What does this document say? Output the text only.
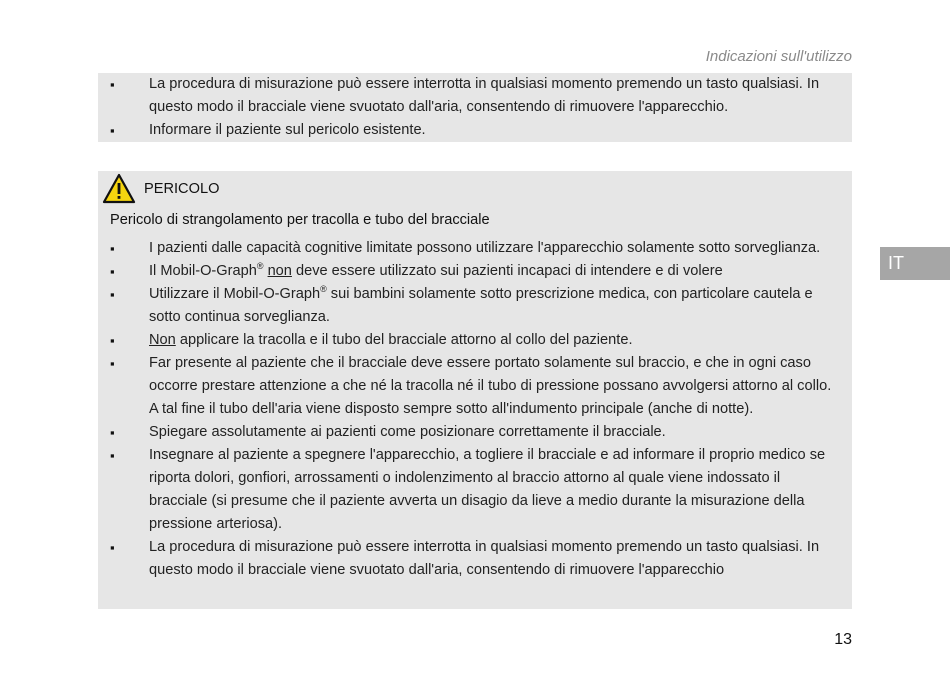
Indicazioni sull'utilizzo
▪ La procedura di misurazione può essere interrotta in qualsiasi momento premendo un tasto qualsiasi. In questo modo il bracciale viene svuotato dall'aria, consentendo di rimuovere l'apparecchio.
▪ Informare il paziente sul pericolo esistente.
PERICOLO
Pericolo di strangolamento per tracolla e tubo del bracciale
▪ I pazienti dalle capacità cognitive limitate possono utilizzare l'apparecchio solamente sotto sorveglianza.
▪ Il Mobil-O-Graph® non deve essere utilizzato sui pazienti incapaci di intendere e di volere
▪ Utilizzare il Mobil-O-Graph® sui bambini solamente sotto prescrizione medica, con particolare cautela e sotto continua sorveglianza.
▪ Non applicare la tracolla e il tubo del bracciale attorno al collo del paziente.
▪ Far presente al paziente che il bracciale deve essere portato solamente sul braccio, e che in ogni caso occorre prestare attenzione a che né la tracolla né il tubo di pressione possano avvolgersi attorno al collo. A tal fine il tubo dell'aria viene disposto sempre sotto all'indumento principale (anche di notte).
▪ Spiegare assolutamente ai pazienti come posizionare correttamente il bracciale.
▪ Insegnare al paziente a spegnere l'apparecchio, a togliere il bracciale e ad informare il proprio medico se riporta dolori, gonfiori, arrossamenti o indolenzimento al braccio attorno al quale viene indossato il bracciale (si presume che il paziente avverta un disagio da lieve a medio durante la misurazione della pressione arteriosa).
▪ La procedura di misurazione può essere interrotta in qualsiasi momento premendo un tasto qualsiasi. In questo modo il bracciale viene svuotato dall'aria, consentendo di rimuovere l'apparecchio
IT
13
